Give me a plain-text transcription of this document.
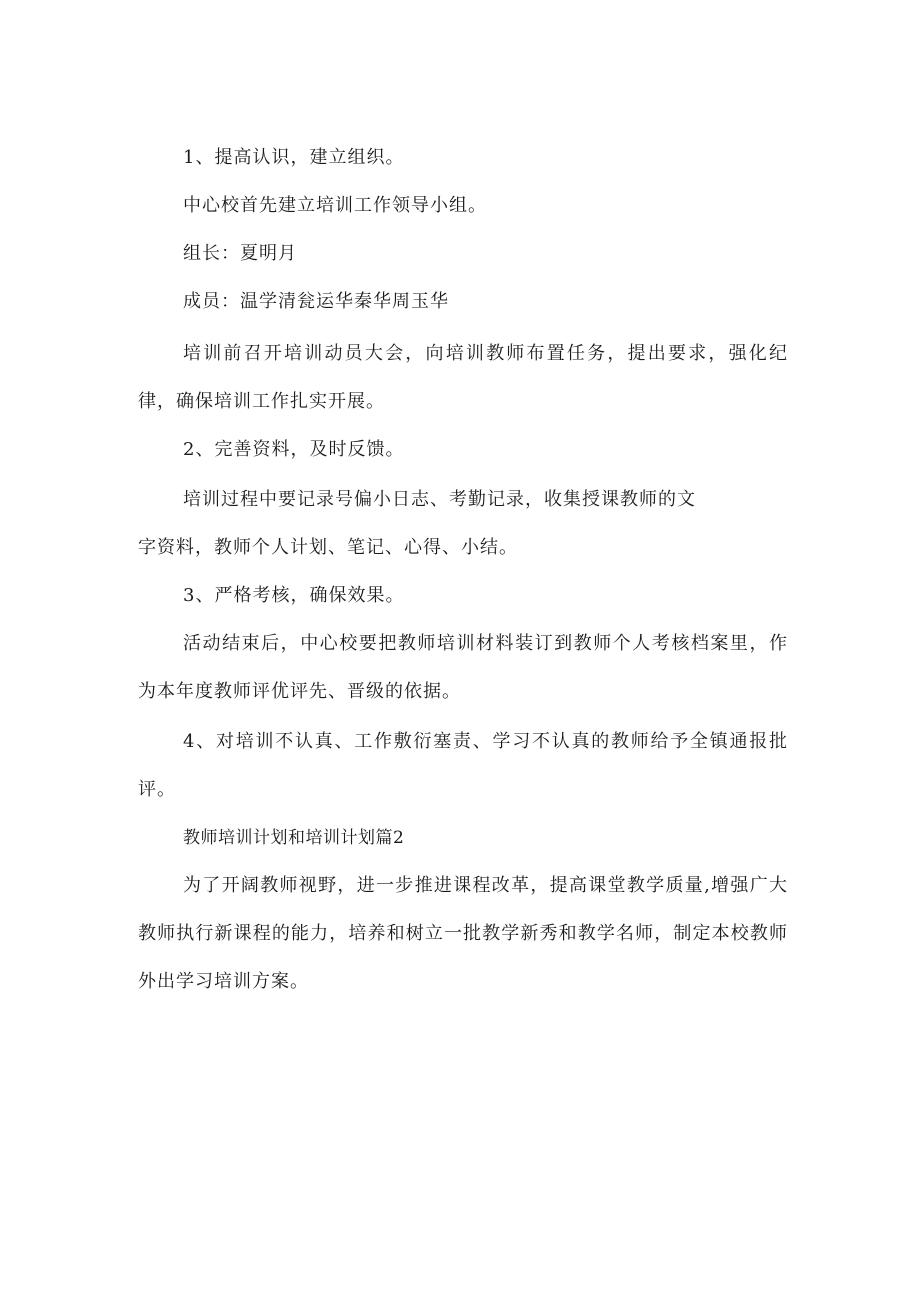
1、提高认识，建立组织。

中心校首先建立培训工作领导小组。

组长：夏明月

成员：温学清瓮运华秦华周玉华

培训前召开培训动员大会，向培训教师布置任务，提出要求，强化纪律，确保培训工作扎实开展。

2、完善资料，及时反馈。

培训过程中要记录号偏小日志、考勤记录，收集授课教师的文

字资料，教师个人计划、笔记、心得、小结。

3、严格考核，确保效果。

活动结束后，中心校要把教师培训材料装订到教师个人考核档案里，作为本年度教师评优评先、晋级的依据。

4、对培训不认真、工作敷衍塞责、学习不认真的教师给予全镇通报批评。

教师培训计划和培训计划篇2

为了开阔教师视野，进一步推进课程改革，提高课堂教学质量,增强广大教师执行新课程的能力，培养和树立一批教学新秀和教学名师，制定本校教师外出学习培训方案。
